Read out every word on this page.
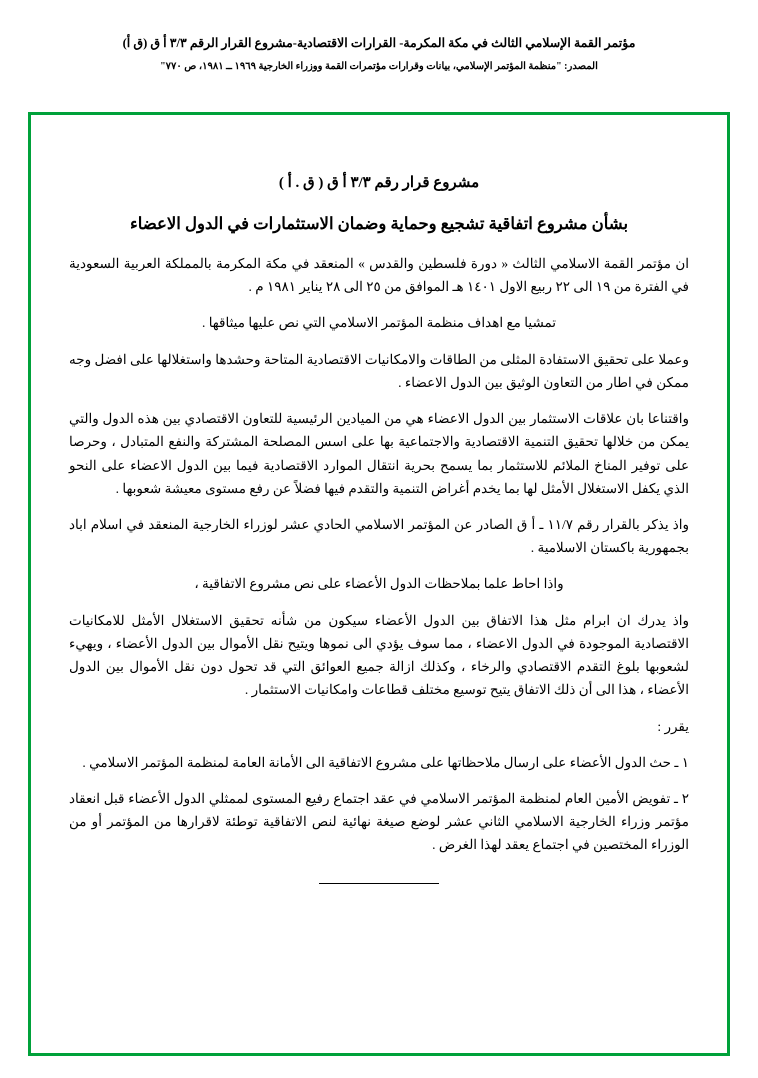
مؤتمر القمة الإسلامي الثالث في مكة المكرمة- القرارات الاقتصادية-مشروع القرار الرقم ٣/٣ أ ق (ق أ)
المصدر: "منظمة المؤتمر الإسلامي، بيانات وقرارات مؤتمرات القمة ووزراء الخارجية ١٩٦٩ ــ ١٩٨١، ص ٧٧٠"
مشروع قرار رقم ٣/٣ أ ق ( ق . أ )
بشأن مشروع اتفاقية تشجيع وحماية وضمان الاستثمارات في الدول الاعضاء

ان مؤتمر القمة الاسلامي الثالث « دورة فلسطين والقدس » المنعقد في مكة المكرمة بالمملكة العربية السعودية في الفترة من ١٩ الى ٢٢ ربيع الاول ١٤٠١ هـ الموافق من ٢٥ الى ٢٨ يناير ١٩٨١ م .

تمشيا مع اهداف منظمة المؤتمر الاسلامي التي نص عليها ميثاقها .

وعملا على تحقيق الاستفادة المثلى من الطاقات والامكانيات الاقتصادية المتاحة وحشدها واستغلالها على افضل وجه ممكن في اطار من التعاون الوثيق بين الدول الاعضاء .

واقتناعا بان علاقات الاستثمار بين الدول الاعضاء هي من الميادين الرئيسية للتعاون الاقتصادي بين هذه الدول والتي يمكن من خلالها تحقيق التنمية الاقتصادية والاجتماعية بها على اسس المصلحة المشتركة والنفع المتبادل ، وحرصا على توفير المناخ الملائم للاستثمار بما يسمح بحرية انتقال الموارد الاقتصادية فيما بين الدول الاعضاء على النحو الذي يكفل الاستغلال الأمثل لها بما يخدم أغراض التنمية والتقدم فيها فضلاً عن رفع مستوى معيشة شعوبها .

واذ يذكر بالقرار رقم ١١/٧ ـ أ ق الصادر عن المؤتمر الاسلامي الحادي عشر لوزراء الخارجية المنعقد في اسلام اباد بجمهورية باكستان الاسلامية .

واذا احاط علما بملاحظات الدول الأعضاء على نص مشروع الاتفاقية ،

واذ يدرك ان ابرام مثل هذا الاتفاق بين الدول الأعضاء سيكون من شأنه تحقيق الاستغلال الأمثل للامكانيات الاقتصادية الموجودة في الدول الاعضاء ، مما سوف يؤدي الى نموها ويتيح نقل الأموال بين الدول الأعضاء ، ويهيء لشعوبها بلوغ التقدم الاقتصادي والرخاء ، وكذلك ازالة جميع العوائق التي قد تحول دون نقل الأموال بين الدول الأعضاء ، هذا الى أن ذلك الاتفاق يتيح توسيع مختلف قطاعات وامكانيات الاستثمار .

يقرر :

١ ـ حث الدول الأعضاء على ارسال ملاحظاتها على مشروع الاتفاقية الى الأمانة العامة لمنظمة المؤتمر الاسلامي .

٢ ـ تفويض الأمين العام لمنظمة المؤتمر الاسلامي في عقد اجتماع رفيع المستوى لممثلي الدول الأعضاء قبل انعقاد مؤتمر وزراء الخارجية الاسلامي الثاني عشر لوضع صيغة نهائية لنص الاتفاقية توطئة لاقرارها من المؤتمر أو من الوزراء المختصين في اجتماع يعقد لهذا الغرض .
